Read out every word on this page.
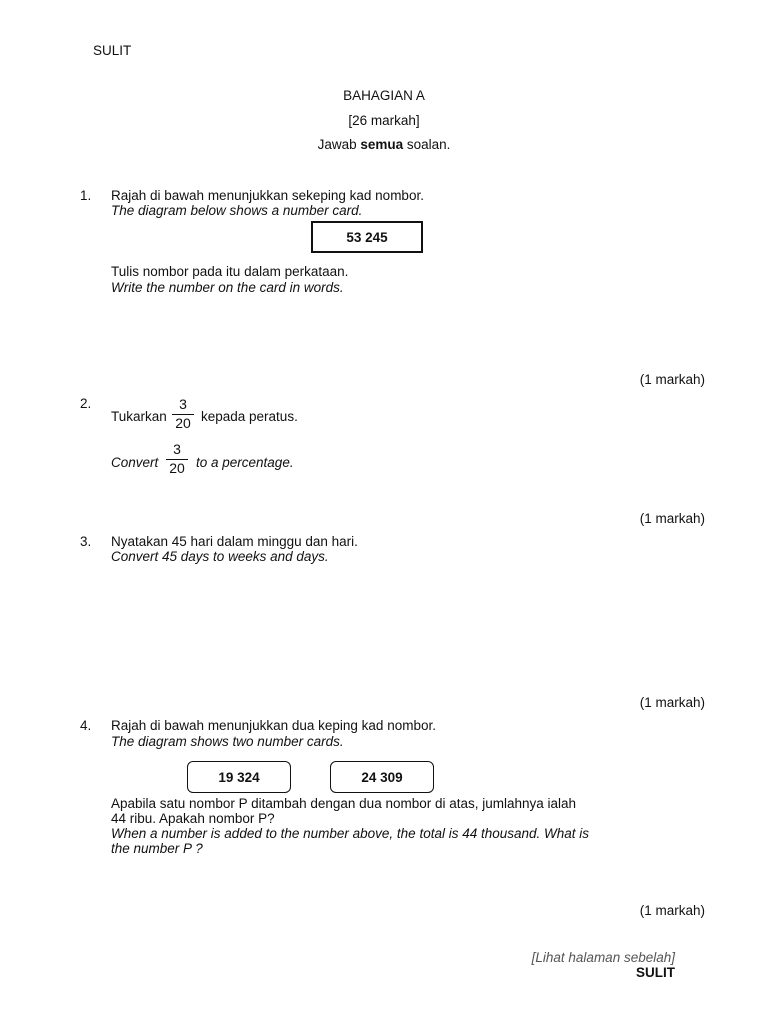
SULIT
BAHAGIAN A
[26 markah]
Jawab semua soalan.
1. Rajah di bawah menunjukkan sekeping kad nombor.
The diagram below shows a number card.
53 245
Tulis nombor pada itu dalam perkataan.
Write the number on the card in words.
(1 markah)
2.
Tukarkan
3
20 kepada peratus.
Convert
3
20 to a percentage.
(1 markah)
3. Nyatakan 45 hari dalam minggu dan hari.
Convert 45 days to weeks and days.
(1 markah)
4. Rajah di bawah menunjukkan dua keping kad nombor.
The diagram shows two number cards.
19 324	24 309
Apabila satu nombor P ditambah dengan dua nombor di atas, jumlahnya ialah
44 ribu. Apakah nombor P?
When a number is added to the number above, the total is 44 thousand. What is
the number P ?
(1 markah)
[Lihat halaman sebelah]
SULIT
